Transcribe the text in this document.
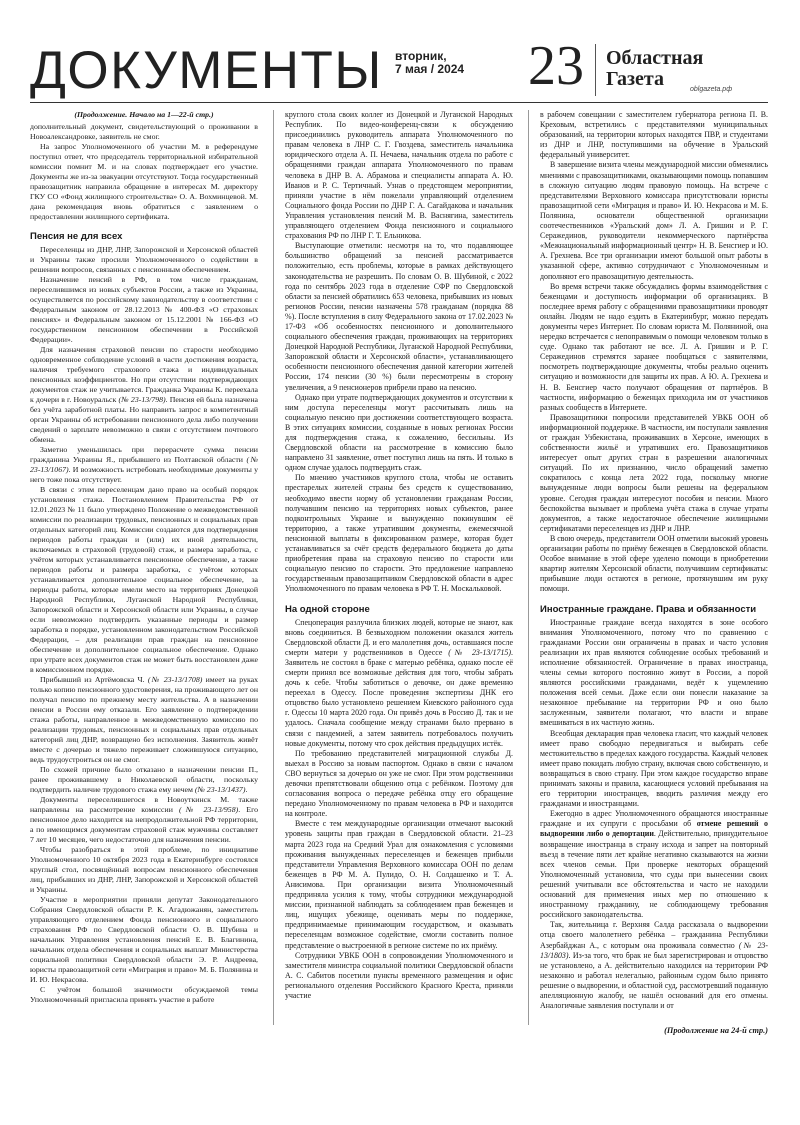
ДОКУМЕНТЫ вторник,
7 мая / 2024	23 Областная

Газета	oblgazeta.рф

(Продолжение. Начало на 1—22-й стр.)

дополнительный документ, свидетельствующий о проживании в Новоалександровке, заявитель не смог.

На запрос Уполномоченного об участии М. в референдуме поступил ответ, что председатель территориальной избирательной комиссии помнит М. и на словах подтверждает его участие. Документы же из-за эвакуации отсутствуют. Тогда государственный правозащитник направила обращение в интересах М. директору ГКУ СО «Фонд жилищного строительства» О. А. Вохминцевой. М. дана рекомендация вновь обратиться с заявлением о предоставлении жилищного сертификата.

Пенсия не для всех

Переселенцы из ДНР, ЛНР, Запорожской и Херсонской областей и Украины также просили Уполномоченного о содействии в решении вопросов, связанных с пенсионным обеспечением.

Назначение пенсий в РФ, в том числе гражданам, переселившимся из новых субъектов России, а также из Украины, осуществляется по российскому законодательству в соответствии с Федеральным законом от 28.12.2013 № 400-ФЗ «О страховых пенсиях» и Федеральным законом от 15.12.2001 № 166-ФЗ «О государственном пенсионном обеспечении в Российской Федерации».

Для назначения страховой пенсии по старости необходимо одновременное соблюдение условий в части достижения возраста, наличия требуемого страхового стажа и индивидуальных пенсионных коэффициентов. Но при отсутствии подтверждающих документов стаж не учитывается. Гражданка Украины К. переехала к дочери в г. Новоуральск (№ 23-13/798). Пенсия ей была назначена без учёта заработной платы. Но направить запрос в компетентный орган Украины об истребовании пенсионного дела либо получении сведений о зарплате невозможно в связи с отсутствием почтового обмена.

Заметно уменьшилась при перерасчете сумма пенсии гражданина Украины Я., прибывшего из Полтавской области (№ 23-13/1067). И возможность истребовать необходимые документы у него тоже пока отсутствует.

В связи с этим переселенцам дано право на особый порядок установления стажа. Постановлением Правительства РФ от 12.01.2023 № 11 было утверждено Положение о межведомственной комиссии по реализации трудовых, пенсионных и социальных прав отдельных категорий лиц. Комиссии создаются для подтверждения периодов работы граждан и (или) их иной деятельности, включаемых в страховой (трудовой) стаж, и размера заработка, с учётом которых устанавливается пенсионное обеспечение, а также периодов работы и размера заработка, с учётом которых устанавливается дополнительное социальное обеспечение, за периоды работы, которые имели место на территориях Донецкой Народной Республики, Луганской Народной Республики, Запорожской области и Херсонской области или Украины, в случае если невозможно подтвердить указанные периоды и размер заработка в порядке, установленном законодательством Российской Федерации, – для реализации прав граждан на пенсионное обеспечение и дополнительное социальное обеспечение. Однако при утрате всех документов стаж не может быть восстановлен даже в комиссионном порядке.

Прибывший из Артёмовска Ч. (№ 23-13/1708) имеет на руках только копию пенсионного удостоверения, на проживающего лет он получал пенсию по прежнему месту жительства. А в назначении пенсии в России ему отказали. Его заявление о подтверждении стажа работы, направленное в межведомственную комиссию по реализации трудовых, пенсионных и социальных прав отдельных категорий лиц ДНР, возвращено без исполнения. Заявитель живёт вместе с дочерью и тяжело переживает сложившуюся ситуацию, ведь трудоустроиться он не смог.

По схожей причине было отказано в назначении пенсии П., ранее проживавшему в Николаевской области, поскольку подтвердить наличие трудового стажа ему нечем (№ 23-13/1437).

Документы переселившегося в Новоуткинск М. также направлены на рассмотрение комиссии (№ 23-13/958). Его пенсионное дело находится на непродолжительной РФ территории, а по имеющимся документам страховой стаж мужчины составляет 7 лет 10 месяцев, чего недостаточно для назначения пенсии.

Чтобы разобраться в этой проблеме, по инициативе Уполномоченного 10 октября 2023 года в Екатеринбурге состоялся круглый стол, посвящённый вопросам пенсионного обеспечения лиц, прибывших из ДНР, ЛНР, Запорожской и Херсонской областей и Украины.

Участие в мероприятии приняли депутат Законодательного Собрания Свердловской области Р. К. Агадюжанян, заместитель управляющего отделением Фонда пенсионного и социального страхования РФ по Свердловской области О. В. Шубина и начальник Управления установления пенсий Е. В. Благинина, начальник отдела обеспечения и социальных выплат Министерства социальной политики Свердловской области Э. Р. Андреева, юристы правозащитной сети «Миграция и право» М. Б. Полянина и И. Ю. Некрасова.

С учётом большой значимости обсуждаемой темы Уполномоченный пригласила принять участие в работе

круглого стола своих коллег из Донецкой и Луганской Народных Республик. По видео-конференц-связи к обсуждению присоединились руководитель аппарата Уполномоченного по правам человека в ЛНР С. Г. Гвоздева, заместитель начальника юридического отдела А. П. Нечаева, начальник отдела по работе с обращениями граждан аппарата Уполномоченного по правам человека в ДНР В. А. Абрамова и специалисты аппарата А. Ю. Иванов и Р. С. Тертичный. Узнав о предстоящем мероприятии, приняли участие в нём пожелали управляющий отделением Социального фонда России по ДНР Г. А. Сагайдакова и начальник Управления установления пенсий М. В. Васнягина, заместитель управляющего отделением Фонда пенсионного и социального страхования РФ по ЛНР Г. Т. Ельникова.

Выступающие отметили: несмотря на то, что подавляющее большинство обращений за пенсией рассматривается положительно, есть проблемы, которые в рамках действующего законодательства не разрешить. По словам О. В. Шубиной, с 2022 года по сентябрь 2023 года в отделение СФР по Свердловской области за пенсией обратились 653 человека, прибывших из новых регионов России, пенсии назначены 578 гражданам (порядка 88 %). После вступления в силу Федерального закона от 17.02.2023 № 17-ФЗ «Об особенностях пенсионного и дополнительного социального обеспечения граждан, проживающих на территориях Донецкой Народной Республики, Луганской Народной Республики, Запорожской области и Херсонской области», устанавливающего особенности пенсионного обеспечения данной категории жителей России, 174 пенсии (30 %) были пересмотрены в сторону увеличения, а 9 пенсионеров прибрели право на пенсию.

Однако при утрате подтверждающих документов и отсутствии к ним доступа переселенцы могут рассчитывать лишь на социальную пенсию при достижении соответствующего возраста. В этих ситуациях комиссии, созданные в новых регионах России для подтверждения стажа, к сожалению, бессильны. Из Свердловской области на рассмотрение в комиссию было направлено 31 заявление, ответ поступил лишь на пять. И только в одном случае удалось подтвердить стаж.

По мнению участников круглого стола, чтобы не оставить престарелых жителей страны без средств к существованию, необходимо ввести норму об установлении гражданам России, получавшим пенсию на территориях новых субъектов, ранее подконтрольных Украине и вынужденно покинувшим её территорию, а также утратившим документы, ежемесячной пенсионной выплаты в фиксированном размере, которая будет устанавливаться за счёт средств федерального бюджета до даты приобретения права на страховую пенсию по старости или социальную пенсию по старости. Это предложение направлено государственным правозащитником Свердловской области в адрес Уполномоченного по правам человека в РФ Т. Н. Москальковой.

На одной стороне

Спецоперация разлучила близких людей, которые не знают, как вновь соединиться. В безвыходном положении оказался житель Свердловской области Д. и его малолетняя дочь, оставшаяся после смерти матери у родственников в Одессе (№ 23-13/1715). Заявитель не состоял в браке с матерью ребёнка, однако после её смерти принял все возможные действия для того, чтобы забрать дочь к себе. Чтобы заботиться о девочке, он даже временно переехал в Одессу. После проведения экспертизы ДНК его отцовство было установлено решением Киевского районного суда г. Одессы 10 марта 2020 года. Он привёз дочь в Россию Д. так и не удалось. Сначала сообщение между странами было прервано в связи с пандемией, а затем заявитель потребовалось получить новые документы, потому что срок действия предыдущих истёк.

По требованию представителей миграционной службы Д. выехал в Россию за новым паспортом. Однако в связи с началом СВО вернуться за дочерью он уже не смог. При этом родственники девочки препятствовали общению отца с ребёнком. Поэтому для согласования вопроса о передаче ребёнка отцу его обращение передано Уполномоченному по правам человека в РФ и находится на контроле.

Вместе с тем международные организации отмечают высокий уровень защиты прав граждан в Свердловской области. 21–23 марта 2023 года на Средний Урал для ознакомления с условиями проживания вынужденных переселенцев и беженцев прибыли представители Управления Верховного комиссара ООН по делам беженцев в РФ М. А. Пулидо, О. Н. Солдашенко и Т. А. Анисимова. При организации визита Уполномоченный предприняла усилия к тому, чтобы сотрудники международной миссии, признанной наблюдать за соблюдением прав беженцев и лиц, ищущих убежище, оценивать меры по поддержке, предпринимаемые принимающим государством, и оказывать переселенцам возможное содействие, смогли составить полное представление о выстроенной в регионе системе по их приёму.

Сотрудники УВКБ ООН в сопровождении Уполномоченного и заместителя министра социальной политики Свердловской области А. С. Сабитов посетили пункты временного размещения и офис регионального отделения Российского Красного Креста, приняли участие

в рабочем совещании с заместителем губернатора региона П. В. Креховым, встретились с представителями муниципальных образований, на территории которых находятся ПВР, и студентами из ДНР и ЛНР, поступившими на обучение в Уральский федеральный университет.

В завершение визита члены международной миссии обменялись мнениями с правозащитниками, оказывающими помощь попавшим в сложную ситуацию людям правовую помощь. На встрече с представителями Верховного комиссара присутствовали юристы правозащитной сети «Миграция и право» И. Ю. Некрасова и М. Б. Полянина, основатели общественной организации соотечественников «Уральский дом» Л. А. Гришин и Р. Г. Серажединов, руководители некоммерческого партнёрства «Межнациональный информационный центр» Н. В. Бенсгиер и Ю. А. Грехнева. Все три организации имеют большой опыт работы в указанной сфере, активно сотрудничают с Уполномоченным и дополняют его правозащитную деятельность.

Во время встречи также обсуждались формы взаимодействия с беженцами и доступность информации об организациях. В последнее время работу с обращениями правозащитники проводят онлайн. Людям не надо ездить в Екатеринбург, можно передать документы через Интернет. По словам юриста М. Поляниной, она нередко встречается с непоправимым о помощи человеком только в суде. Однако так работают не все. Л. А. Гришин и Р. Г. Серажединов стремятся заранее пообщаться с заявителями, посмотреть подтверждающие документы, чтобы реально оценить ситуацию и возможности для защиты их прав. А Ю. А. Грехнева и Н. В. Бенсгиер часто получают обращения от партнёров. В частности, информацию о беженцах приходила им от участников разных сообществ в Интернете.

Правозащитники попросили представителей УВКБ ООН об информационной поддержке. В частности, им поступали заявления от граждан Узбекистана, проживавших в Херсоне, имеющих в собственности жильё и утративших его. Правозащитников интересует опыт других стран в разрешении аналогичных ситуаций. По их признанию, число обращений заметно сократилось с конца лета 2022 года, поскольку многие вынужденные люди вопросы были решены на федеральном уровне. Сегодня граждан интересуют пособия и пенсии. Много беспокойства вызывает и проблема учёта стажа в случае утраты документов, а также недостаточное обеспечение жилищными сертификатами переселенцев из ДНР и ЛНР.

В свою очередь, представители ООН отметили высокий уровень организации работы по приёму беженцев в Свердловской области. Особое внимание в этой сфере уделено помощи в приобретении квартир жителям Херсонской области, получившим сертификаты: прибывшие люди остаются в регионе, протянувшим им руку помощи.

Иностранные граждане. Права и обязанности

Иностранные граждане всегда находятся в зоне особого внимания Уполномоченного, потому что по сравнению с гражданами России они ограничены в правах и часто условия реализации их прав являются соблюдение особых требований и исполнение обязанностей. Ограничение в правах иностранца, члены семьи которого постоянно живут в России, а порой являются российскими гражданами, ведёт к ущемлению положения всей семьи. Даже если они понесли наказание за незаконное пребывание на территории РФ и оно было заслуженным, заявители полагают, что власти и вправе вмешиваться в их частную жизнь.

Всеобщая декларация прав человека гласит, что каждый человек имеет право свободно передвигаться и выбирать себе местожительство в пределах каждого государства. Каждый человек имеет право покидать любую страну, включая свою собственную, и возвращаться в свою страну. При этом каждое государство вправе принимать законы и правила, касающиеся условий пребывания на его территории иностранцев, вводить различия между его гражданами и иностранцами.

Ежегодно в адрес Уполномоченного обращаются иностранные граждане и их супруги с просьбами об отмене решений о выдворении либо о депортации. Действительно, принудительное возвращение иностранца в страну исхода и запрет на повторный въезд в течение пяти лет крайне негативно сказываются на жизни всех членов семьи. При проверке некоторых обращений Уполномоченный установила, что суды при вынесении своих решений учитывали все обстоятельства и часто не находили оснований для применения иных мер по отношению к иностранному гражданину, не соблюдающему требования российского законодательства.

Так, жительница г. Верхняя Салда рассказала о выдворении отца своего малолетнего ребёнка – гражданина Республики Азербайджан А., с которым она проживала совместно (№ 23-13/1803). Из-за того, что брак не был зарегистрирован и отцовство не установлено, а А. действительно находился на территории РФ незаконно и работал нелегально, районным судом было принято решение о выдворении, и областной суд, рассмотревший поданную апелляционную жалобу, не нашёл оснований для его отмены. Аналогичные заявления поступали и от

(Продолжение на 24-й стр.)
